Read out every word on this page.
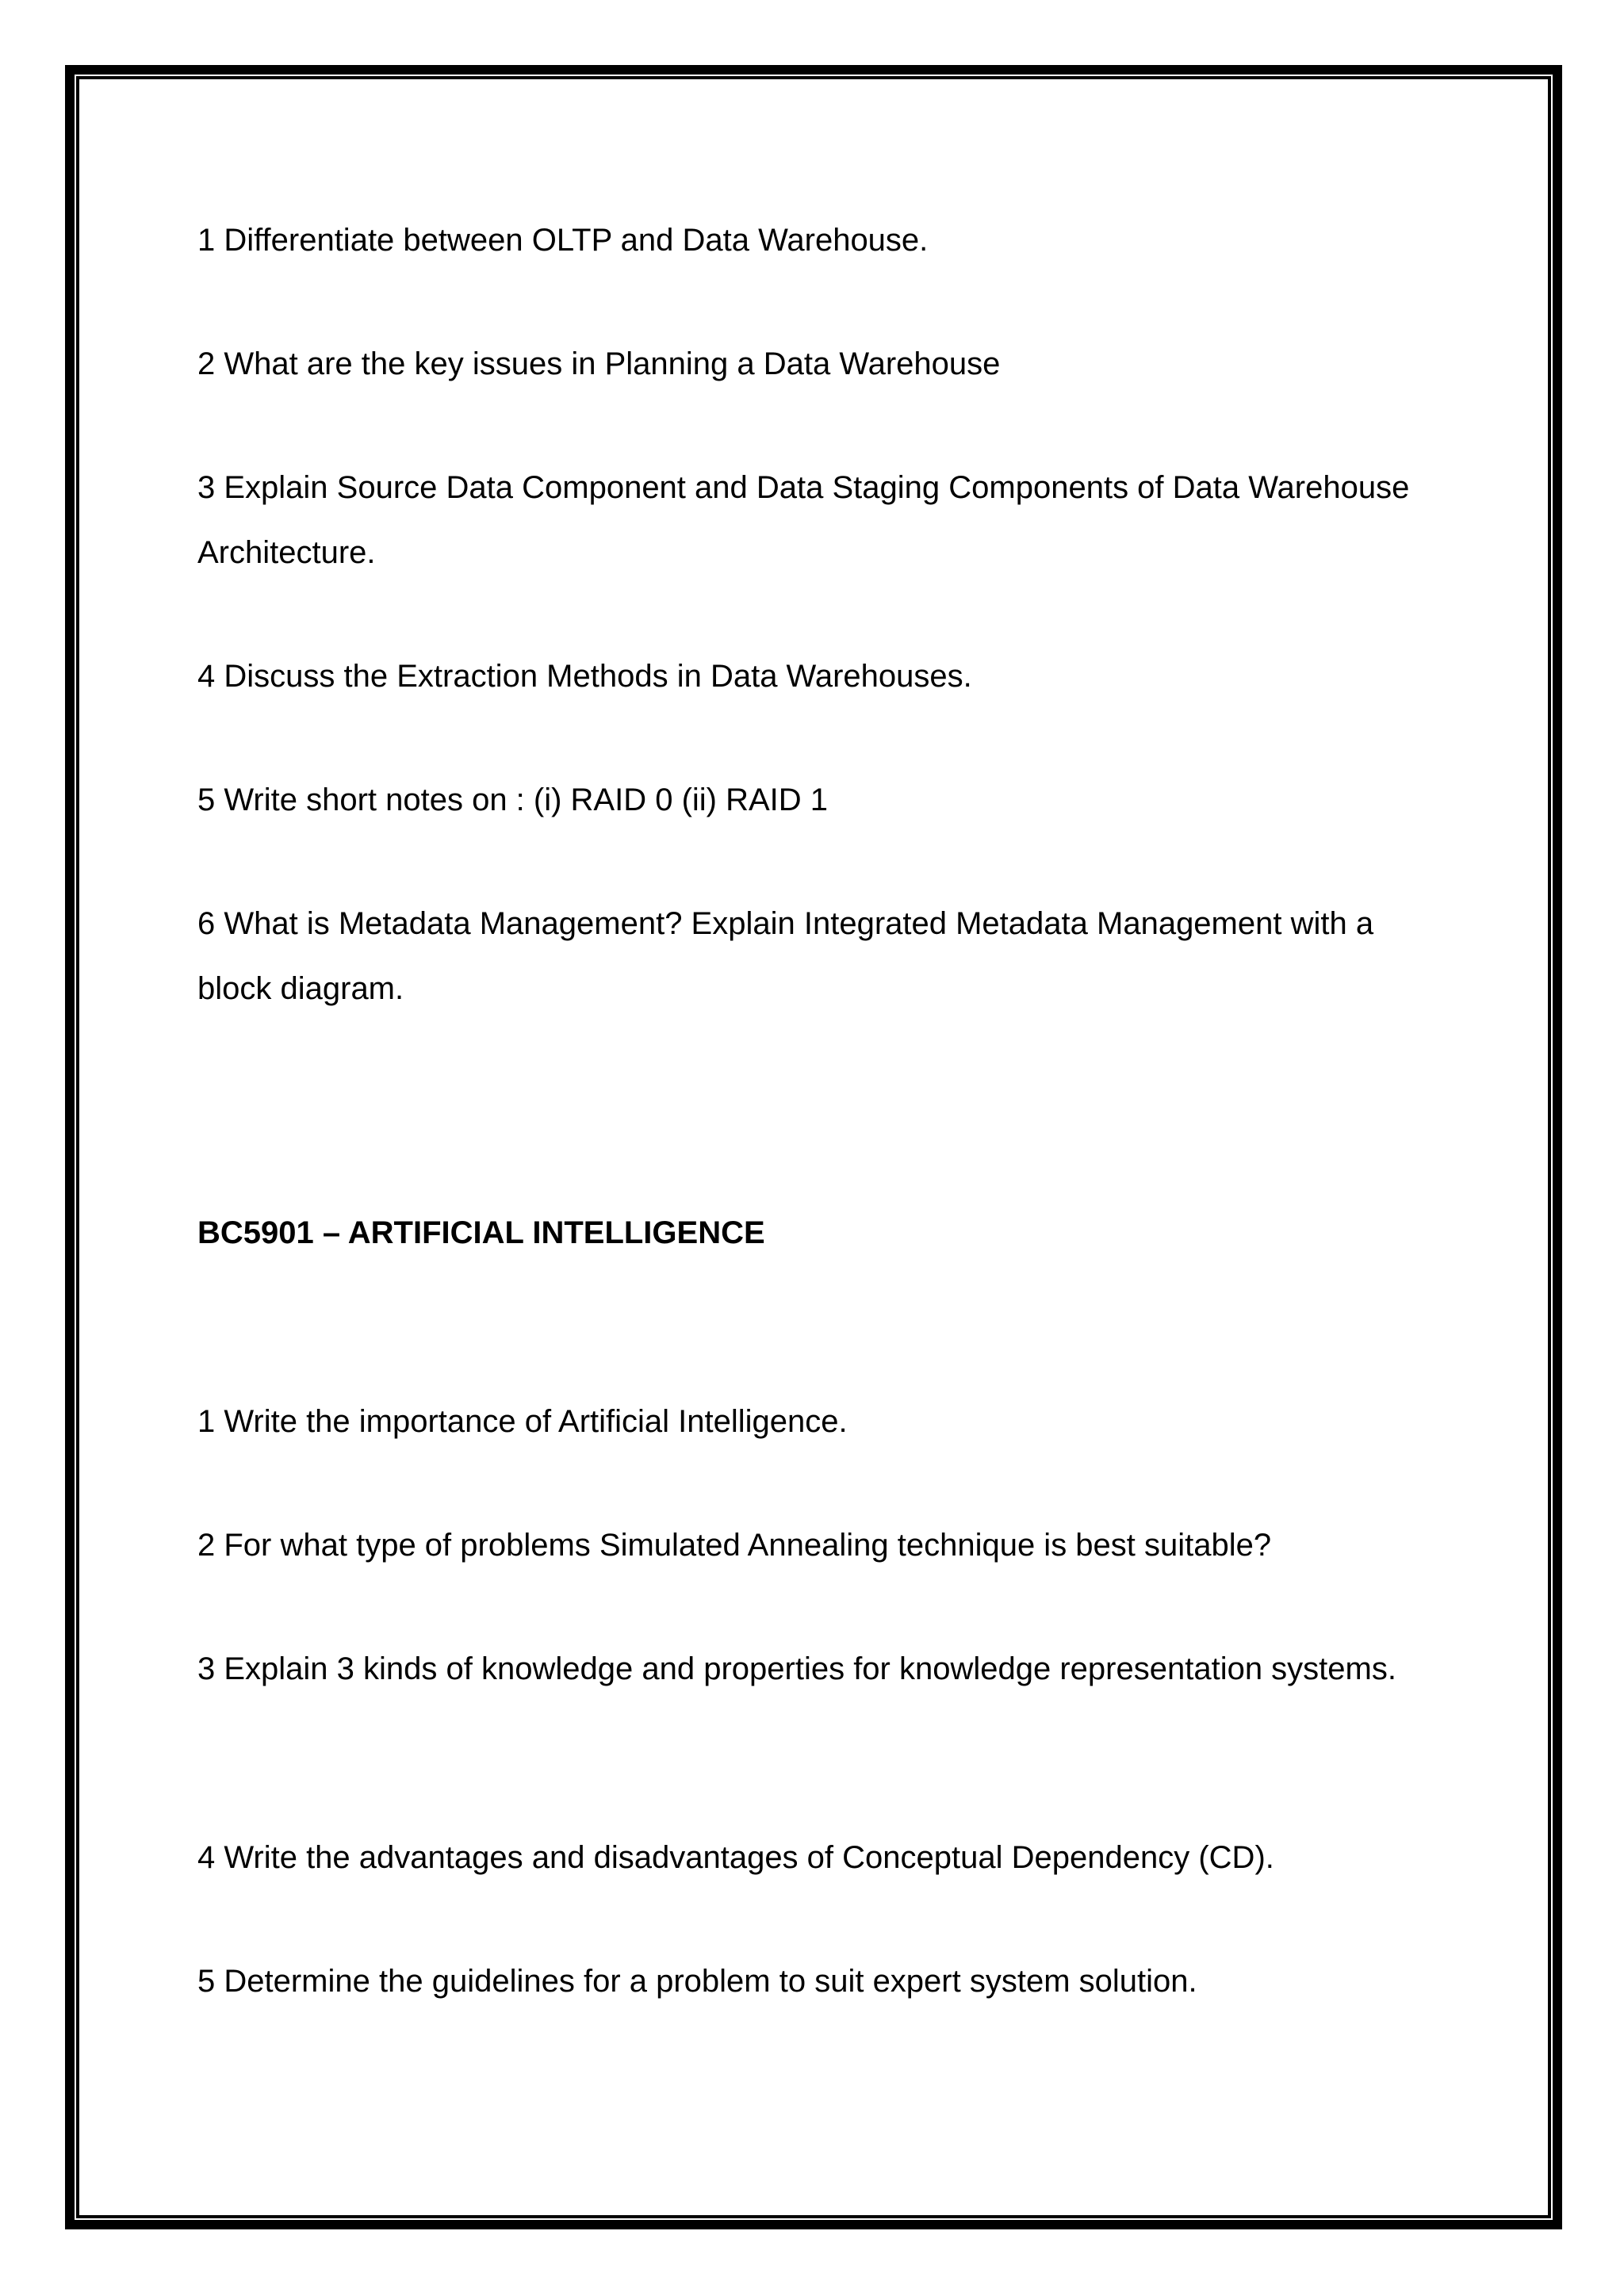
1 Differentiate between OLTP and Data Warehouse.

2 What are the key issues in Planning a Data Warehouse

3 Explain Source Data Component and Data Staging Components of Data Warehouse Architecture.

4 Discuss the Extraction Methods in Data Warehouses.

5 Write short notes on : (i) RAID 0 (ii) RAID 1

6 What is Metadata Management? Explain Integrated Metadata Management with a block diagram.

BC5901 – ARTIFICIAL INTELLIGENCE

1 Write the importance of Artificial Intelligence.

2 For what type of problems Simulated Annealing technique is best suitable?

3 Explain 3 kinds of knowledge and properties for knowledge representation systems.

4 Write the advantages and disadvantages of Conceptual Dependency (CD).

5 Determine the guidelines for a problem to suit expert system solution.
